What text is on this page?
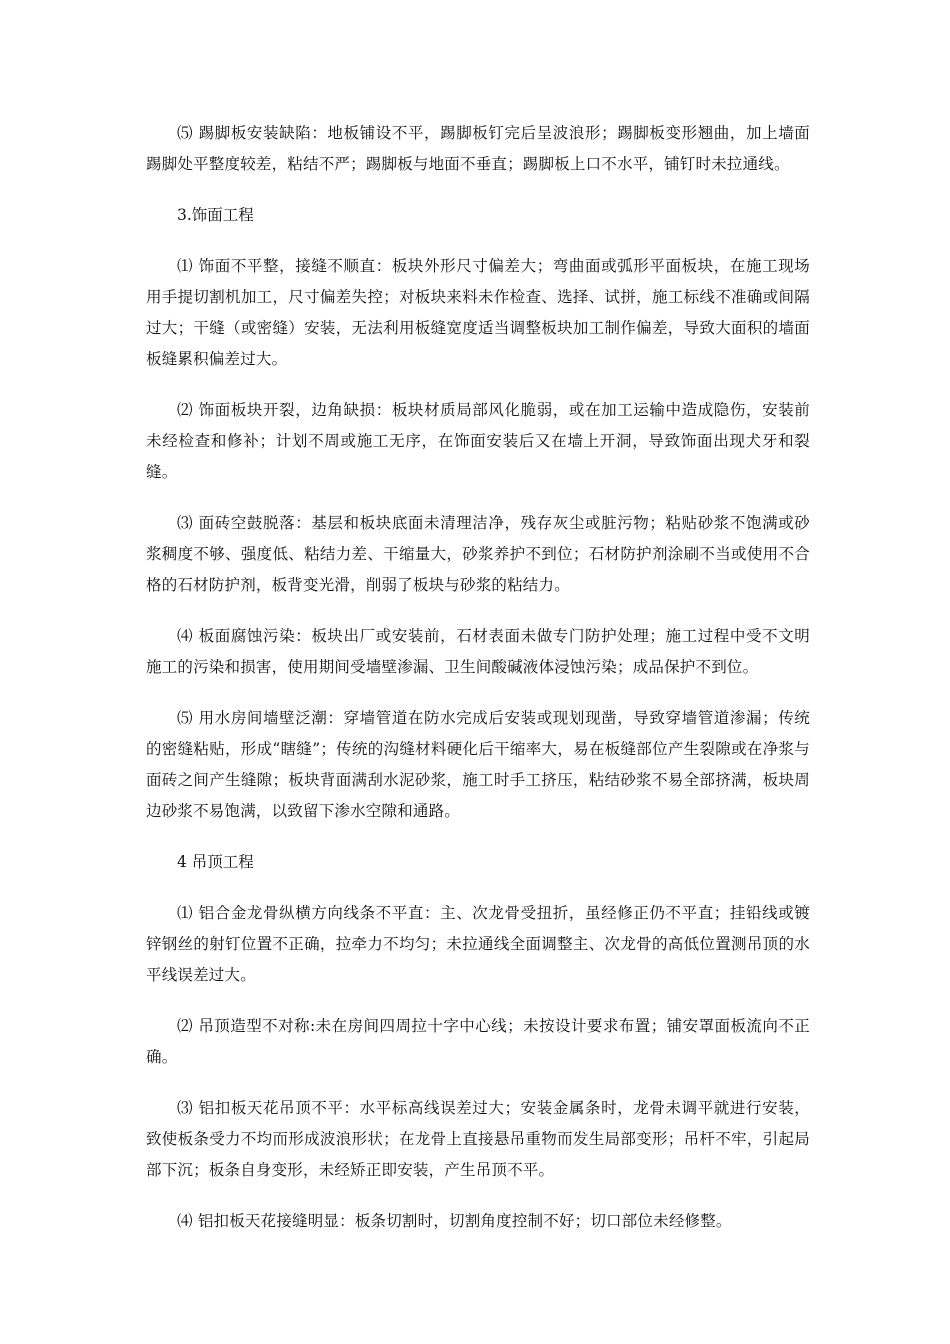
⑸ 踢脚板安装缺陷：地板铺设不平，踢脚板钉完后呈波浪形；踢脚板变形翘曲，加上墙面踢脚处平整度较差，粘结不严；踢脚板与地面不垂直；踢脚板上口不水平，铺钉时未拉通线。

3.饰面工程

⑴ 饰面不平整，接缝不顺直：板块外形尺寸偏差大；弯曲面或弧形平面板块，在施工现场用手提切割机加工，尺寸偏差失控；对板块来料未作检查、选择、试拼，施工标线不准确或间隔过大；干缝（或密缝）安装，无法利用板缝宽度适当调整板块加工制作偏差，导致大面积的墙面板缝累积偏差过大。

⑵ 饰面板块开裂，边角缺损：板块材质局部风化脆弱，或在加工运输中造成隐伤，安装前未经检查和修补；计划不周或施工无序，在饰面安装后又在墙上开洞，导致饰面出现犬牙和裂缝。

⑶ 面砖空鼓脱落：基层和板块底面未清理洁净，残存灰尘或脏污物；粘贴砂浆不饱满或砂浆稠度不够、强度低、粘结力差、干缩量大，砂浆养护不到位；石材防护剂涂刷不当或使用不合格的石材防护剂，板背变光滑，削弱了板块与砂浆的粘结力。

⑷ 板面腐蚀污染：板块出厂或安装前，石材表面未做专门防护处理；施工过程中受不文明施工的污染和损害，使用期间受墙壁渗漏、卫生间酸碱液体浸蚀污染；成品保护不到位。

⑸ 用水房间墙壁泛潮：穿墙管道在防水完成后安装或现划现凿，导致穿墙管道渗漏；传统的密缝粘贴，形成“瞎缝”；传统的沟缝材料硬化后干缩率大，易在板缝部位产生裂隙或在净浆与面砖之间产生缝隙；板块背面满刮水泥砂浆，施工时手工挤压，粘结砂浆不易全部挤满，板块周边砂浆不易饱满，以致留下渗水空隙和通路。

4 吊顶工程

⑴ 铝合金龙骨纵横方向线条不平直：主、次龙骨受扭折，虽经修正仍不平直；挂铅线或镀锌钢丝的射钉位置不正确，拉牵力不均匀；未拉通线全面调整主、次龙骨的高低位置测吊顶的水平线误差过大。

⑵ 吊顶造型不对称:未在房间四周拉十字中心线；未按设计要求布置；铺安罩面板流向不正确。

⑶ 铝扣板天花吊顶不平：水平标高线误差过大；安装金属条时，龙骨未调平就进行安装，致使板条受力不均而形成波浪形状；在龙骨上直接悬吊重物而发生局部变形；吊杆不牢，引起局部下沉；板条自身变形，未经矫正即安装，产生吊顶不平。

⑷ 铝扣板天花接缝明显：板条切割时，切割角度控制不好；切口部位未经修整。
